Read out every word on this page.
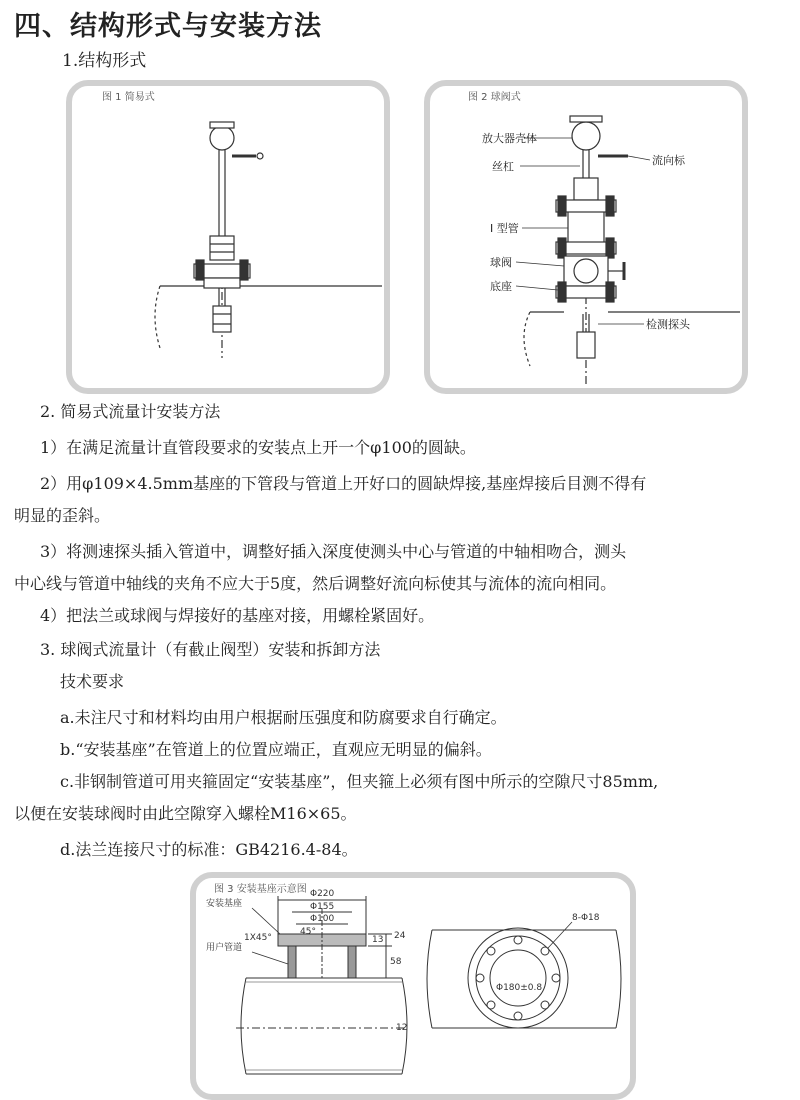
四、结构形式与安装方法
1.结构形式
图 1 简易式	图 2 球阀式
放大器壳体
丝杠	流向标
I 型管
球阀
底座
检测探头
2. 简易式流量计安装方法
1）在满足流量计直管段要求的安装点上开一个φ100的圆缺。
2）用φ109×4.5mm基座的下管段与管道上开好口的圆缺焊接,基座焊接后目测不得有
明显的歪斜。
3）将测速探头插入管道中，调整好插入深度使测头中心与管道的中轴相吻合，测头
中心线与管道中轴线的夹角不应大于5度，然后调整好流向标使其与流体的流向相同。
4）把法兰或球阀与焊接好的基座对接，用螺栓紧固好。
3. 球阀式流量计（有截止阀型）安装和拆卸方法
技术要求
a.未注尺寸和材料均由用户根据耐压强度和防腐要求自行确定。
b.“安装基座”在管道上的位置应端正，直观应无明显的偏斜。
c.非钢制管道可用夹箍固定“安装基座”，但夹箍上必须有图中所示的空隙尺寸85mm,
以便在安装球阀时由此空隙穿入螺栓M16×65。
d.法兰连接尺寸的标准：GB4216.4-84。
图 3 安装基座示意图
安装基座
用户管道
1X45°
45°
Φ220
Φ155
Φ100
24
13
58
12
8-Φ18
Φ180±0.8
